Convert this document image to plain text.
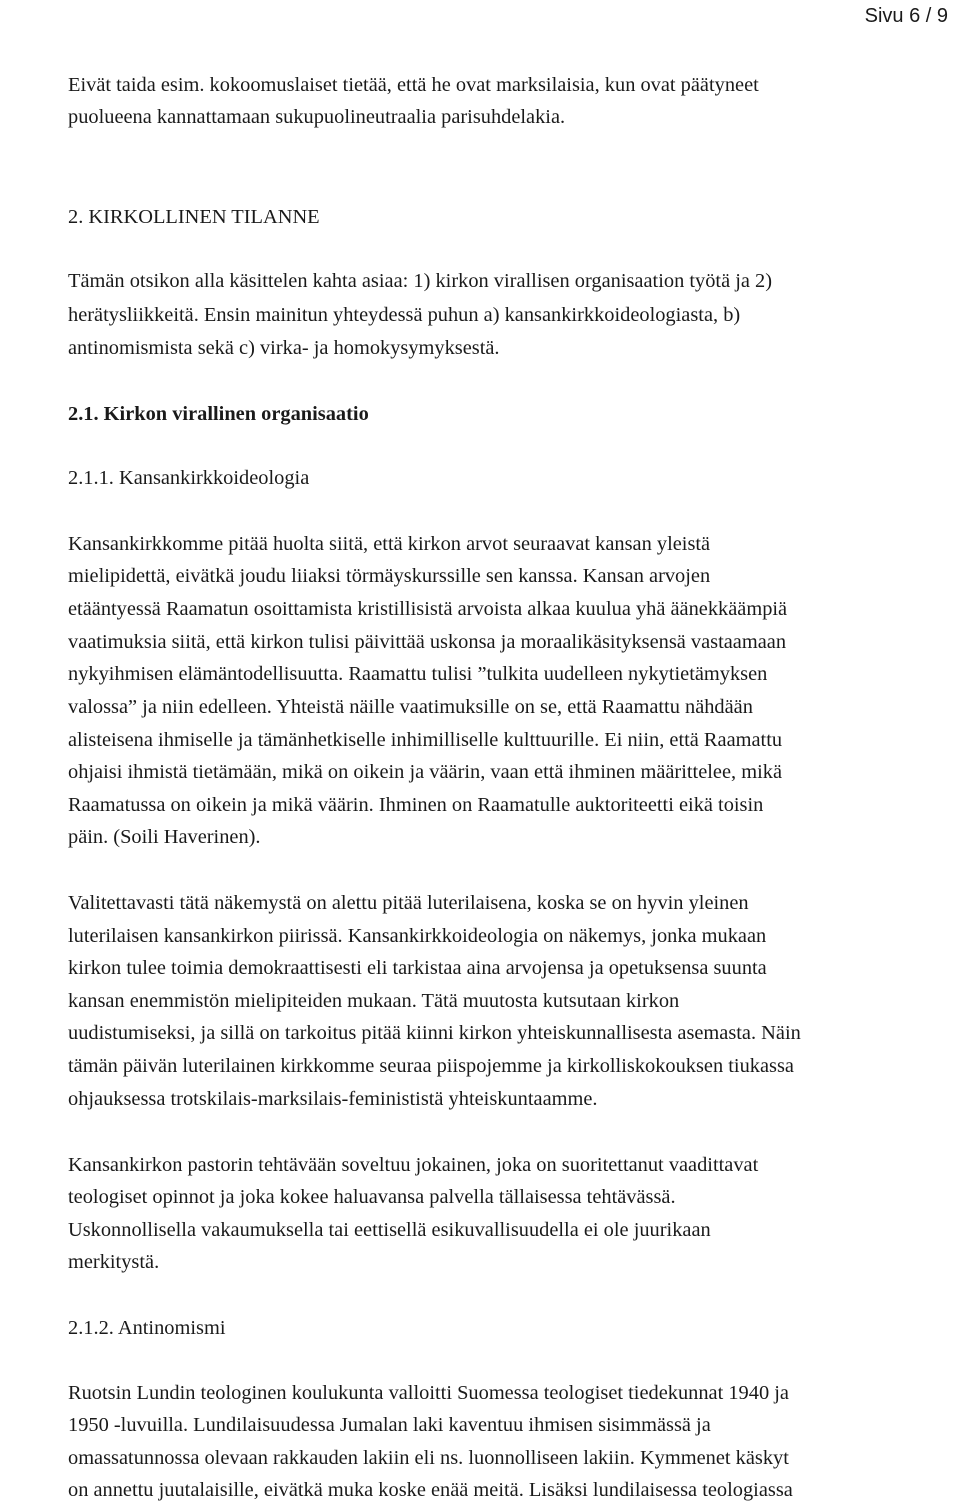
Sivu 6 / 9
Eivät taida esim. kokoomuslaiset tietää, että he ovat marksilaisia, kun ovat päätyneet
puolueena kannattamaan sukupuolineutraalia parisuhdelakia.
2. KIRKOLLINEN TILANNE
Tämän otsikon alla käsittelen kahta asiaa: 1) kirkon virallisen organisaation työtä ja 2)
herätysliikkeitä. Ensin mainitun yhteydessä puhun a) kansankirkkoideologiasta, b)
antinomismista sekä c) virka- ja homokysymyksestä.
2.1. Kirkon virallinen organisaatio
2.1.1. Kansankirkkoideologia
Kansankirkkomme pitää huolta siitä, että kirkon arvot seuraavat kansan yleistä
mielipidettä, eivätkä joudu liiaksi törmäyskurssille sen kanssa. Kansan arvojen
etääntyessä Raamatun osoittamista kristillisistä arvoista alkaa kuulua yhä äänekkäämpiä
vaatimuksia siitä, että kirkon tulisi päivittää uskonsa ja moraalikäsityksensä vastaamaan
nykyihmisen elämäntodellisuutta. Raamattu tulisi ”tulkita uudelleen nykytietämyksen
valossa” ja niin edelleen. Yhteistä näille vaatimuksille on se, että Raamattu nähdään
alisteisena ihmiselle ja tämänhetkiselle inhimilliselle kulttuurille. Ei niin, että Raamattu
ohjaisi ihmistä tietämään, mikä on oikein ja väärin, vaan että ihminen määrittelee, mikä
Raamatussa on oikein ja mikä väärin. Ihminen on Raamatulle auktoriteetti eikä toisin
päin. (Soili Haverinen).
Valitettavasti tätä näkemystä on alettu pitää luterilaisena, koska se on hyvin yleinen
luterilaisen kansankirkon piirissä. Kansankirkkoideologia on näkemys, jonka mukaan
kirkon tulee toimia demokraattisesti eli tarkistaa aina arvojensa ja opetuksensa suunta
kansan enemmistön mielipiteiden mukaan. Tätä muutosta kutsutaan kirkon
uudistumiseksi, ja sillä on tarkoitus pitää kiinni kirkon yhteiskunnallisesta asemasta. Näin
tämän päivän luterilainen kirkkomme seuraa piispojemme ja kirkolliskokouksen tiukassa
ohjauksessa trotskilais-marksilais-feminististä yhteiskuntaamme.
Kansankirkon pastorin tehtävään soveltuu jokainen, joka on suoritettanut vaadittavat
teologiset opinnot ja joka kokee haluavansa palvella tällaisessa tehtävässä.
Uskonnollisella vakaumuksella tai eettisellä esikuvallisuudella ei ole juurikaan
merkitystä.
2.1.2. Antinomismi
Ruotsin Lundin teologinen koulukunta valloitti Suomessa teologiset tiedekunnat 1940 ja
1950 -luvuilla. Lundilaisuudessa Jumalan laki kaventuu ihmisen sisimmässä ja
omassatunnossa olevaan rakkauden lakiin eli ns. luonnolliseen lakiin. Kymmenet käskyt
on annettu juutalaisille, eivätkä muka koske enää meitä. Lisäksi lundilaisessa teologiassa
